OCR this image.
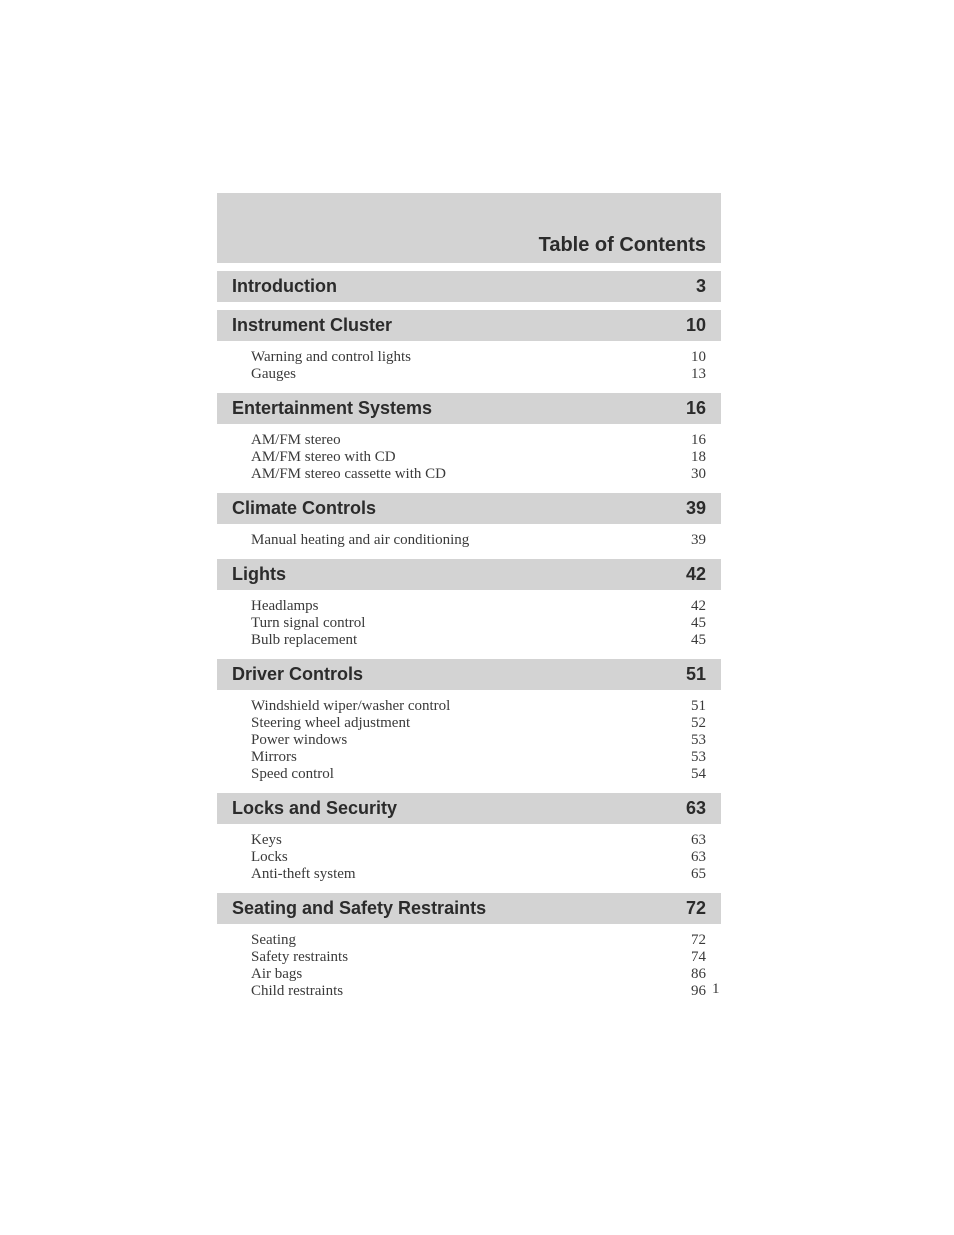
Table of Contents
Introduction	3
Instrument Cluster	10
Warning and control lights	10
Gauges	13
Entertainment Systems	16
AM/FM stereo	16
AM/FM stereo with CD	18
AM/FM stereo cassette with CD	30
Climate Controls	39
Manual heating and air conditioning	39
Lights	42
Headlamps	42
Turn signal control	45
Bulb replacement	45
Driver Controls	51
Windshield wiper/washer control	51
Steering wheel adjustment	52
Power windows	53
Mirrors	53
Speed control	54
Locks and Security	63
Keys	63
Locks	63
Anti-theft system	65
Seating and Safety Restraints	72
Seating	72
Safety restraints	74
Air bags	86
Child restraints	96 1
